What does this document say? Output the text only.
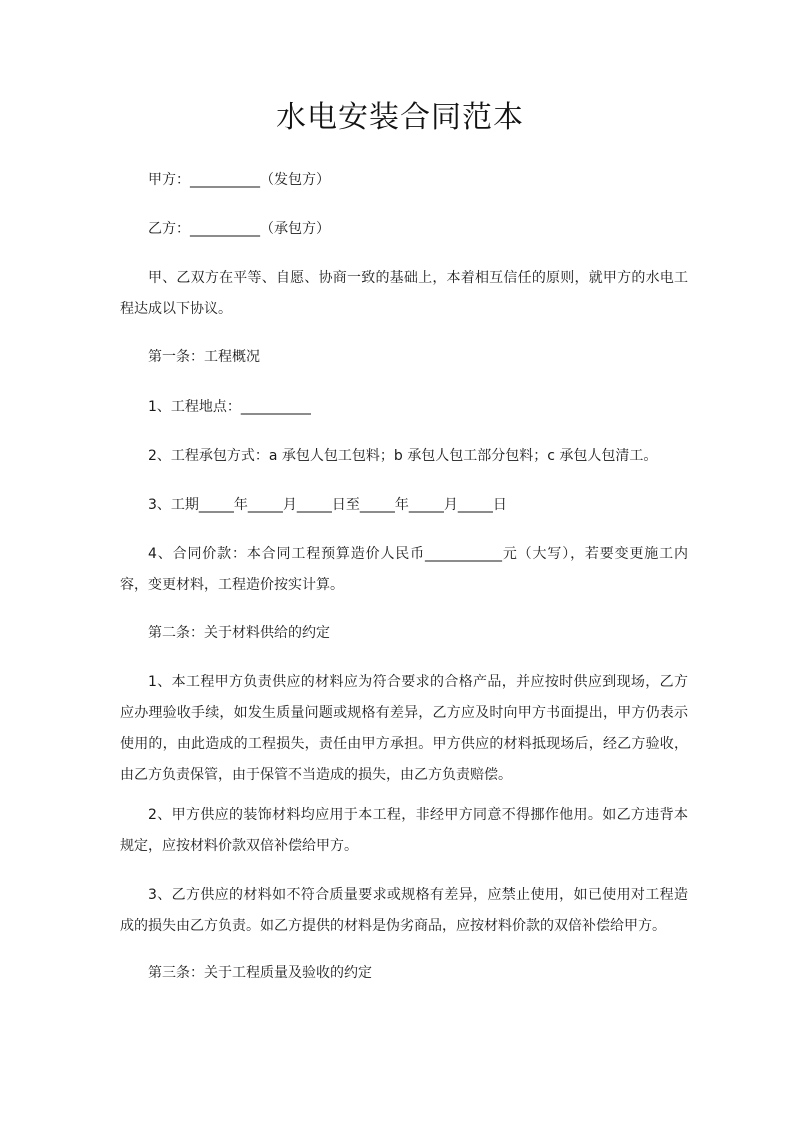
水电安装合同范本
甲方：__________（发包方）
乙方：__________（承包方）
甲、乙双方在平等、自愿、协商一致的基础上，本着相互信任的原则，就甲方的水电工程达成以下协议。
第一条：工程概况
1、工程地点：__________
2、工程承包方式：a 承包人包工包料；b 承包人包工部分包料；c 承包人包清工。
3、工期_____年_____月_____日至_____年_____月_____日
4、合同价款：本合同工程预算造价人民币___________元（大写），若要变更施工内容，变更材料，工程造价按实计算。
第二条：关于材料供给的约定
1、本工程甲方负责供应的材料应为符合要求的合格产品，并应按时供应到现场，乙方应办理验收手续，如发生质量问题或规格有差异，乙方应及时向甲方书面提出，甲方仍表示使用的，由此造成的工程损失，责任由甲方承担。甲方供应的材料抵现场后，经乙方验收，由乙方负责保管，由于保管不当造成的损失，由乙方负责赔偿。
2、甲方供应的装饰材料均应用于本工程，非经甲方同意不得挪作他用。如乙方违背本规定，应按材料价款双倍补偿给甲方。
3、乙方供应的材料如不符合质量要求或规格有差异，应禁止使用，如已使用对工程造成的损失由乙方负责。如乙方提供的材料是伪劣商品，应按材料价款的双倍补偿给甲方。
第三条：关于工程质量及验收的约定
